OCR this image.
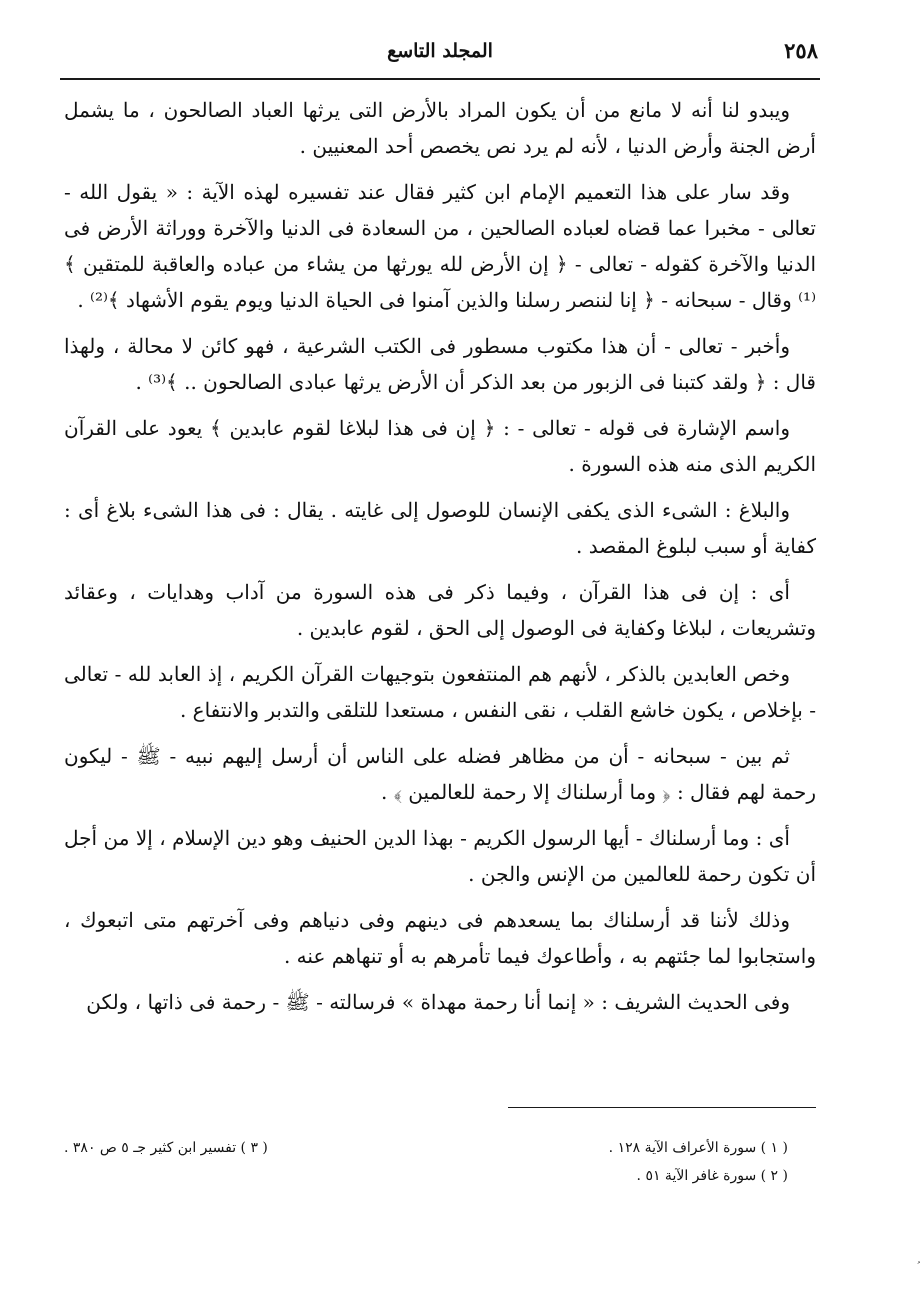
٢٥٨
المجلد التاسع

ويبدو لنا أنه لا مانع من أن يكون المراد بالأرض التى يرثها العباد الصالحون ، ما يشمل أرض الجنة وأرض الدنيا ، لأنه لم يرد نص يخصص أحد المعنيين .

وقد سار على هذا التعميم الإمام ابن كثير فقال عند تفسيره لهذه الآية : « يقول الله - تعالى - مخبرا عما قضاه لعباده الصالحين ، من السعادة فى الدنيا والآخرة ووراثة الأرض فى الدنيا والآخرة كقوله - تعالى - ﴿ إن الأرض لله يورثها من يشاء من عباده والعاقبة للمتقين ﴾⁽¹⁾ وقال - سبحانه - ﴿ إنا لننصر رسلنا والذين آمنوا فى الحياة الدنيا ويوم يقوم الأشهاد ﴾⁽²⁾ .

وأخبر - تعالى - أن هذا مكتوب مسطور فى الكتب الشرعية ، فهو كائن لا محالة ، ولهذا قال : ﴿ ولقد كتبنا فى الزبور من بعد الذكر أن الأرض يرثها عبادى الصالحون .. ﴾⁽³⁾ .

واسم الإشارة فى قوله - تعالى - : ﴿ إن فى هذا لبلاغا لقوم عابدين ﴾ يعود على القرآن الكريم الذى منه هذه السورة .

والبلاغ : الشىء الذى يكفى الإنسان للوصول إلى غايته . يقال : فى هذا الشىء بلاغ أى : كفاية أو سبب لبلوغ المقصد .

أى : إن فى هذا القرآن ، وفيما ذكر فى هذه السورة من آداب وهدايات ، وعقائد وتشريعات ، لبلاغا وكفاية فى الوصول إلى الحق ، لقوم عابدين .

وخص العابدين بالذكر ، لأنهم هم المنتفعون بتوجيهات القرآن الكريم ، إذ العابد لله - تعالى - بإخلاص ، يكون خاشع القلب ، نقى النفس ، مستعدا للتلقى والتدبر والانتفاع .

ثم بين - سبحانه - أن من مظاهر فضله على الناس أن أرسل إليهم نبيه - ﷺ - ليكون رحمة لهم فقال : ﴿ وما أرسلناك إلا رحمة للعالمين ﴾ .

أى : وما أرسلناك - أيها الرسول الكريم - بهذا الدين الحنيف وهو دين الإسلام ، إلا من أجل أن تكون رحمة للعالمين من الإنس والجن .

وذلك لأننا قد أرسلناك بما يسعدهم فى دينهم وفى دنياهم وفى آخرتهم متى اتبعوك ، واستجابوا لما جئتهم به ، وأطاعوك فيما تأمرهم به أو تنهاهم عنه .

وفى الحديث الشريف : « إنما أنا رحمة مهداة » فرسالته - ﷺ - رحمة فى ذاتها ، ولكن

( ١ ) سورة الأعراف الآية ١٢٨ .
( ٢ ) سورة غافر الآية ٥١ .
( ٣ ) تفسير ابن كثير جـ ٥ ص ٣٨٠ .
ﹸ
